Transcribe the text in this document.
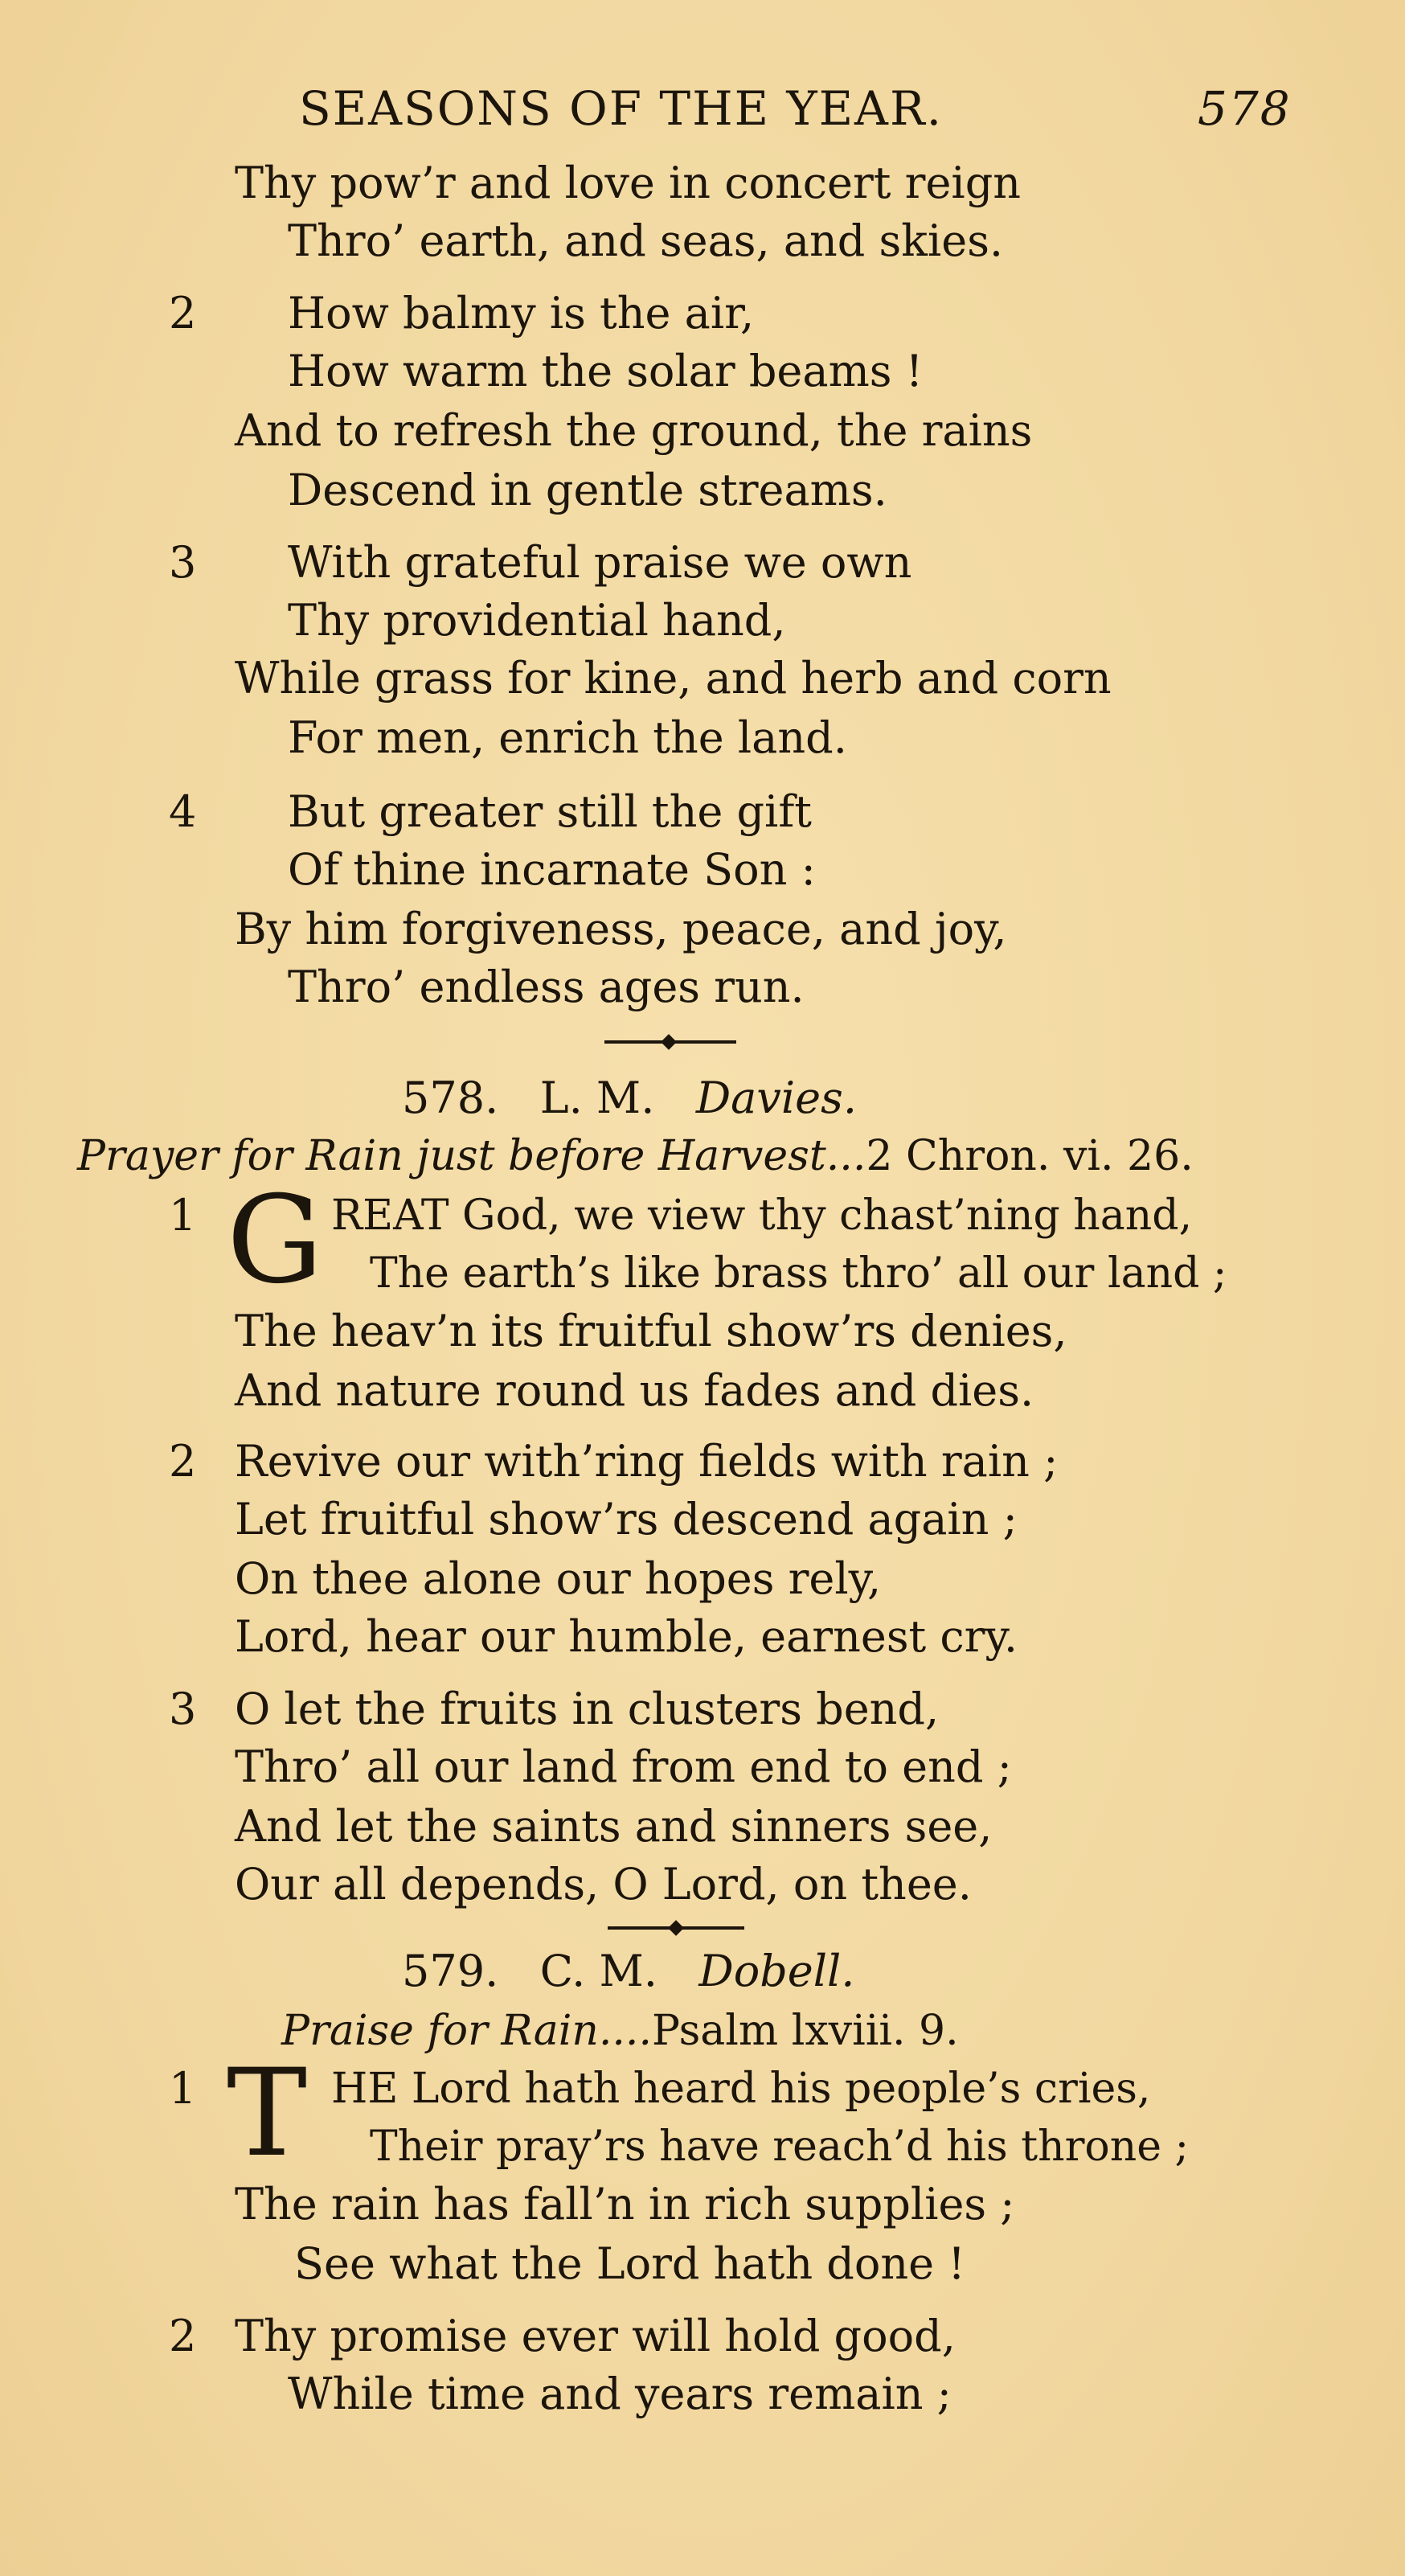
SEASONS OF THE YEAR.	578
Thy pow’r and love in concert reign
Thro’ earth, and seas, and skies.
2 How balmy is the air,
How warm the solar beams !
And to refresh the ground, the rains
Descend in gentle streams.
3 With grateful praise we own
Thy providential hand,
While grass for kine, and herb and corn
For men, enrich the land.
4 But greater still the gift
Of thine incarnate Son :
By him forgiveness, peace, and joy,
Thro’ endless ages run.
578. L. M. Davies.
Prayer for Rain just before Harvest...2 Chron. vi. 26.
1 G REAT God, we view thy chast’ning hand,
The earth’s like brass thro’ all our land ;
The heav’n its fruitful show’rs denies,
And nature round us fades and dies.
2 Revive our with’ring fields with rain ;
Let fruitful show’rs descend again ;
On thee alone our hopes rely,
Lord, hear our humble, earnest cry.
3 O let the fruits in clusters bend,
Thro’ all our land from end to end ;
And let the saints and sinners see,
Our all depends, O Lord, on thee.
579. C. M. Dobell.
Praise for Rain....Psalm lxviii. 9.
1 T HE Lord hath heard his people’s cries,
Their pray’rs have reach’d his throne ;
The rain has fall’n in rich supplies ;
See what the Lord hath done !
2 Thy promise ever will hold good,
While time and years remain ;
